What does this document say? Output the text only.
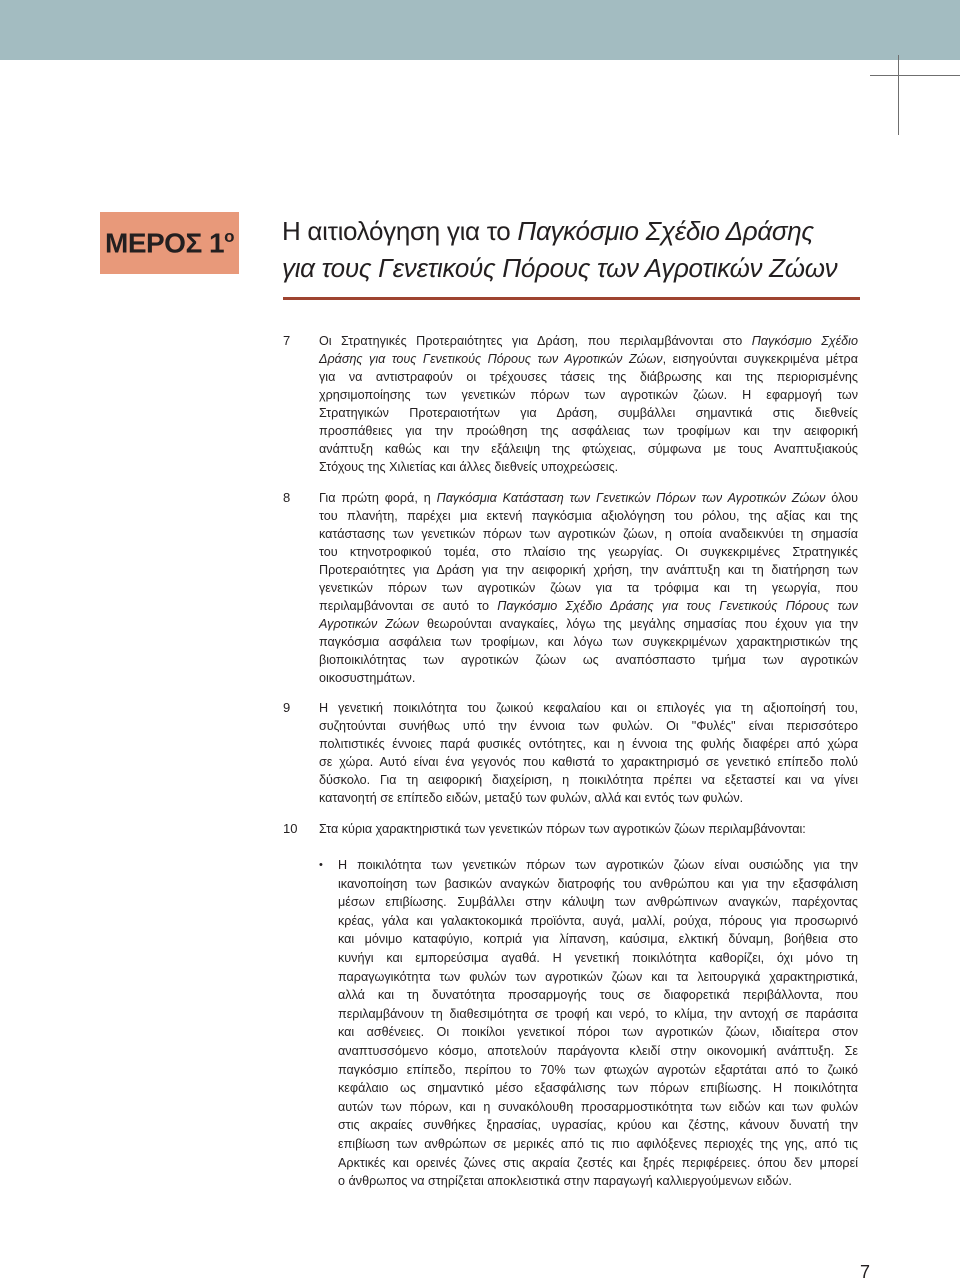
ΜΕΡΟΣ $1^o$ Η αιτιολόγηση για το Παγκόσμιο Σχέδιο Δράσης
για τους Γενετικούς Πόρους των Αγροτικών Ζώων
7 Οι Στρατηγικές Προτεραιότητες για Δράση, που περιλαμβάνονται στο Παγκόσμιο Σχέδιο
Δράσης για τους Γενετικούς Πόρους των Αγροτικών Ζώων, εισηγούνται συγκεκριμένα μέτρα
για να αντιστραφούν οι τρέχουσες τάσεις της διάβρωσης και της περιορισμένης
χρησιμοποίησης των γενετικών πόρων των αγροτικών ζώων. Η εφαρμογή των
Στρατηγικών Προτεραιοτήτων για Δράση, συμβάλλει σημαντικά στις διεθνείς
προσπάθειες για την προώθηση της ασφάλειας των τροφίμων και την αειφορική
ανάπτυξη καθώς και την εξάλειψη της φτώχειας, σύμφωνα με τους Αναπτυξιακούς
Στόχους της Χιλιετίας και άλλες διεθνείς υποχρεώσεις.
8 Για πρώτη φορά, η Παγκόσμια Κατάσταση των Γενετικών Πόρων των Αγροτικών Ζώων όλου
του πλανήτη, παρέχει μια εκτενή παγκόσμια αξιολόγηση του ρόλου, της αξίας και της
κατάστασης των γενετικών πόρων των αγροτικών ζώων, η οποία αναδεικνύει τη σημασία
του κτηνοτροφικού τομέα, στο πλαίσιο της γεωργίας. Οι συγκεκριμένες Στρατηγικές
Προτεραιότητες για Δράση για την αειφορική χρήση, την ανάπτυξη και τη διατήρηση των
γενετικών πόρων των αγροτικών ζώων για τα τρόφιμα και τη γεωργία, που
περιλαμβάνονται σε αυτό το Παγκόσμιο Σχέδιο Δράσης για τους Γενετικούς Πόρους των
Αγροτικών Ζώων θεωρούνται αναγκαίες, λόγω της μεγάλης σημασίας που έχουν για την
παγκόσμια ασφάλεια των τροφίμων, και λόγω των συγκεκριμένων χαρακτηριστικών της
βιοποικιλότητας των αγροτικών ζώων ως αναπόσπαστο τμήμα των αγροτικών
οικοσυστημάτων.
9 Η γενετική ποικιλότητα του ζωικού κεφαλαίου και οι επιλογές για τη αξιοποίησή του,
συζητούνται συνήθως υπό την έννοια των φυλών. Οι "Φυλές" είναι περισσότερο
πολιτιστικές έννοιες παρά φυσικές οντότητες, και η έννοια της φυλής διαφέρει από χώρα
σε χώρα. Αυτό είναι ένα γεγονός που καθιστά το χαρακτηρισμό σε γενετικό επίπεδο πολύ
δύσκολο. Για τη αειφορική διαχείριση, η ποικιλότητα πρέπει να εξεταστεί και να γίνει
κατανοητή σε επίπεδο ειδών, μεταξύ των φυλών, αλλά και εντός των φυλών.
10 Στα κύρια χαρακτηριστικά των γενετικών πόρων των αγροτικών ζώων περιλαμβάνονται:
• Η ποικιλότητα των γενετικών πόρων των αγροτικών ζώων είναι ουσιώδης για την
ικανοποίηση των βασικών αναγκών διατροφής του ανθρώπου και για την εξασφάλιση
μέσων επιβίωσης. Συμβάλλει στην κάλυψη των ανθρώπινων αναγκών, παρέχοντας
κρέας, γάλα και γαλακτοκομικά προϊόντα, αυγά, μαλλί, ρούχα, πόρους για προσωρινό
και μόνιμο καταφύγιο, κοπριά για λίπανση, καύσιμα, ελκτική δύναμη, βοήθεια στο
κυνήγι και εμπορεύσιμα αγαθά. Η γενετική ποικιλότητα καθορίζει, όχι μόνο τη
παραγωγικότητα των φυλών των αγροτικών ζώων και τα λειτουργικά χαρακτηριστικά,
αλλά και τη δυνατότητα προσαρμογής τους σε διαφορετικά περιβάλλοντα, που
περιλαμβάνουν τη διαθεσιμότητα σε τροφή και νερό, το κλίμα, την αντοχή σε παράσιτα
και ασθένειες. Οι ποικίλοι γενετικοί πόροι των αγροτικών ζώων, ιδιαίτερα στον
αναπτυσσόμενο κόσμο, αποτελούν παράγοντα κλειδί στην οικονομική ανάπτυξη. Σε
παγκόσμιο επίπεδο, περίπου το 70% των φτωχών αγροτών εξαρτάται από το ζωικό
κεφάλαιο ως σημαντικό μέσο εξασφάλισης των πόρων επιβίωσης. Η ποικιλότητα
αυτών των πόρων, και η συνακόλουθη προσαρμοστικότητα των ειδών και των φυλών
στις ακραίες συνθήκες ξηρασίας, υγρασίας, κρύου και ζέστης, κάνουν δυνατή την
επιβίωση των ανθρώπων σε μερικές από τις πιο αφιλόξενες περιοχές της γης, από τις
Αρκτικές και ορεινές ζώνες στις ακραία ζεστές και ξηρές περιφέρειες. όπου δεν μπορεί
ο άνθρωπος να στηρίζεται αποκλειστικά στην παραγωγή καλλιεργούμενων ειδών.
7
